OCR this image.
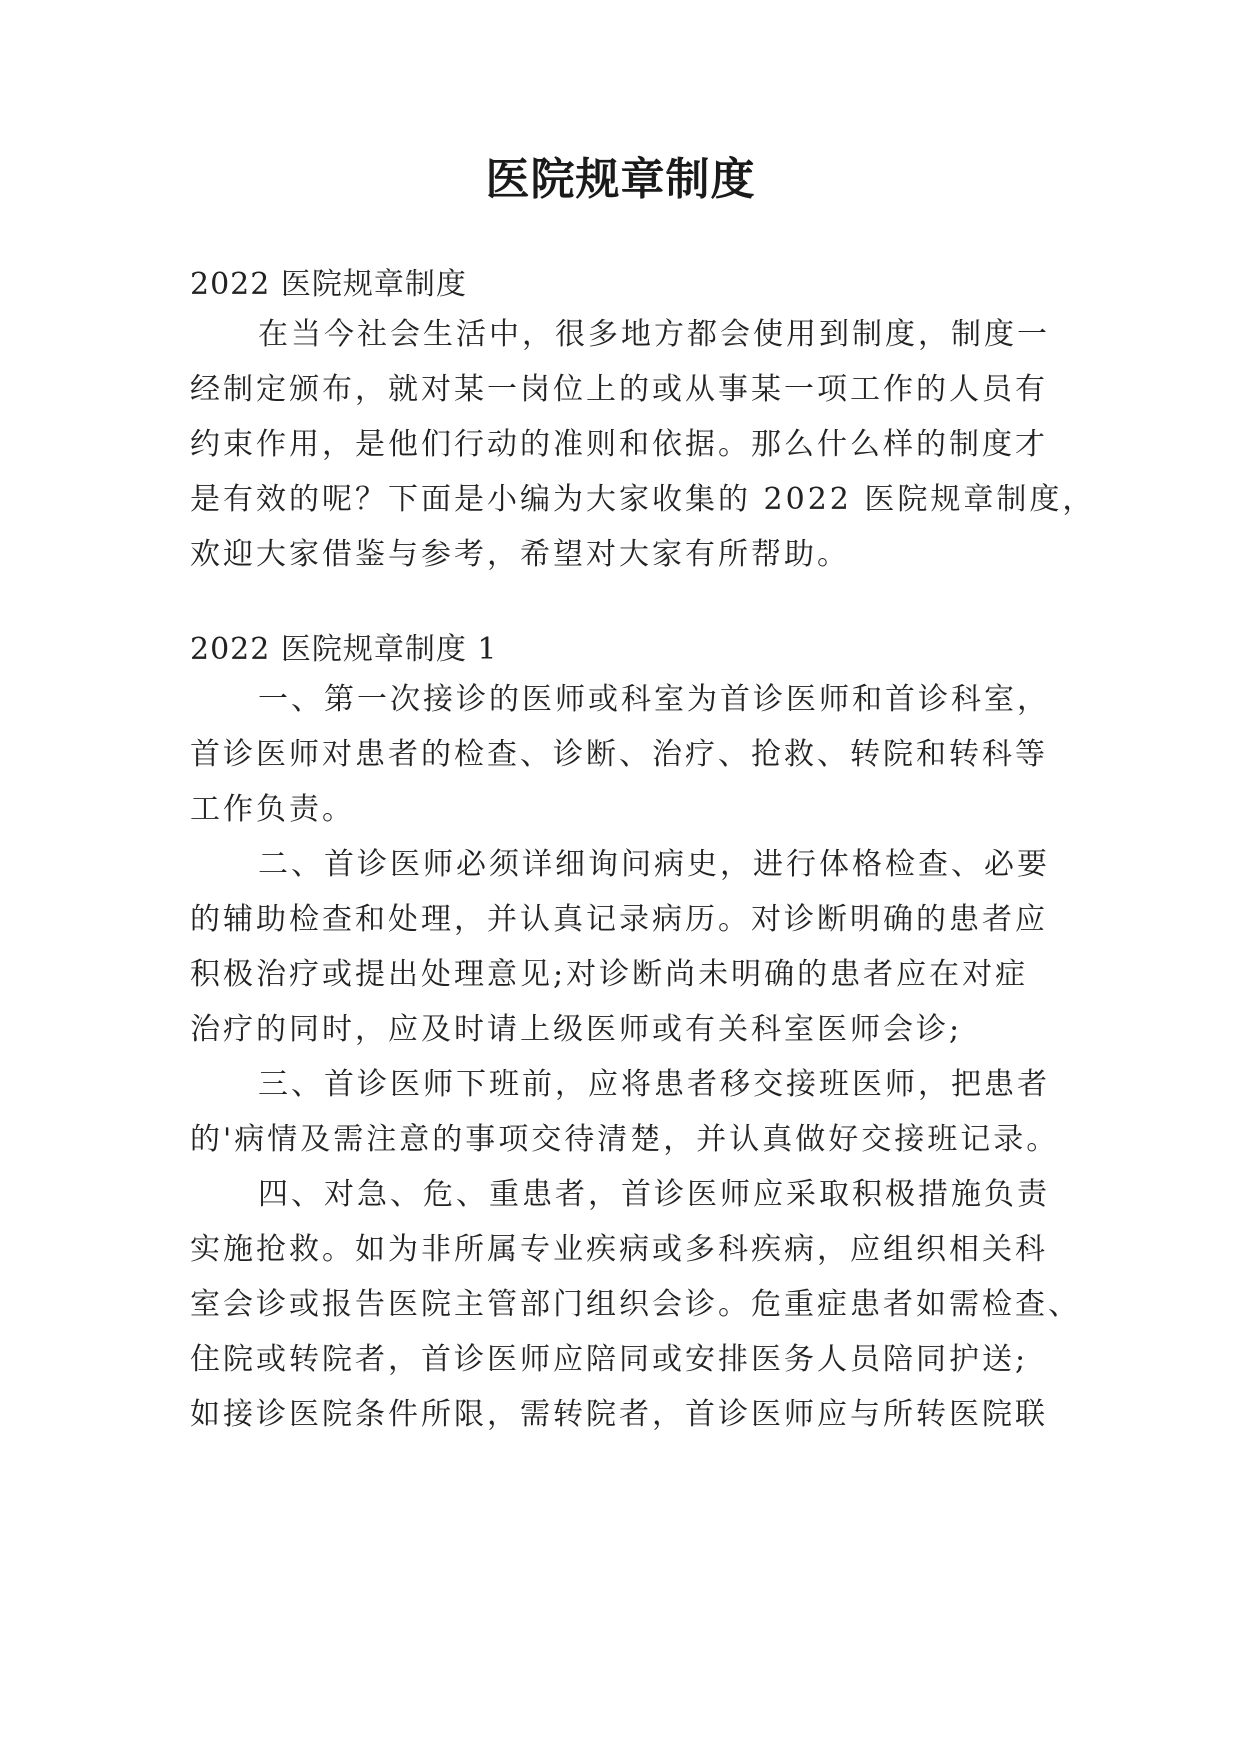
医院规章制度
2022 医院规章制度
在当今社会生活中，很多地方都会使用到制度，制度一
经制定颁布，就对某一岗位上的或从事某一项工作的人员有
约束作用，是他们行动的准则和依据。那么什么样的制度才
是有效的呢？下面是小编为大家收集的 2022 医院规章制度，
欢迎大家借鉴与参考，希望对大家有所帮助。
2022 医院规章制度 1
一、第一次接诊的医师或科室为首诊医师和首诊科室，
首诊医师对患者的检查、诊断、治疗、抢救、转院和转科等
工作负责。
二、首诊医师必须详细询问病史，进行体格检查、必要
的辅助检查和处理，并认真记录病历。对诊断明确的患者应
积极治疗或提出处理意见;对诊断尚未明确的患者应在对症
治疗的同时，应及时请上级医师或有关科室医师会诊;
三、首诊医师下班前，应将患者移交接班医师，把患者
的'病情及需注意的事项交待清楚，并认真做好交接班记录。
四、对急、危、重患者，首诊医师应采取积极措施负责
实施抢救。如为非所属专业疾病或多科疾病，应组织相关科
室会诊或报告医院主管部门组织会诊。危重症患者如需检查、
住院或转院者，首诊医师应陪同或安排医务人员陪同护送;
如接诊医院条件所限，需转院者，首诊医师应与所转医院联
